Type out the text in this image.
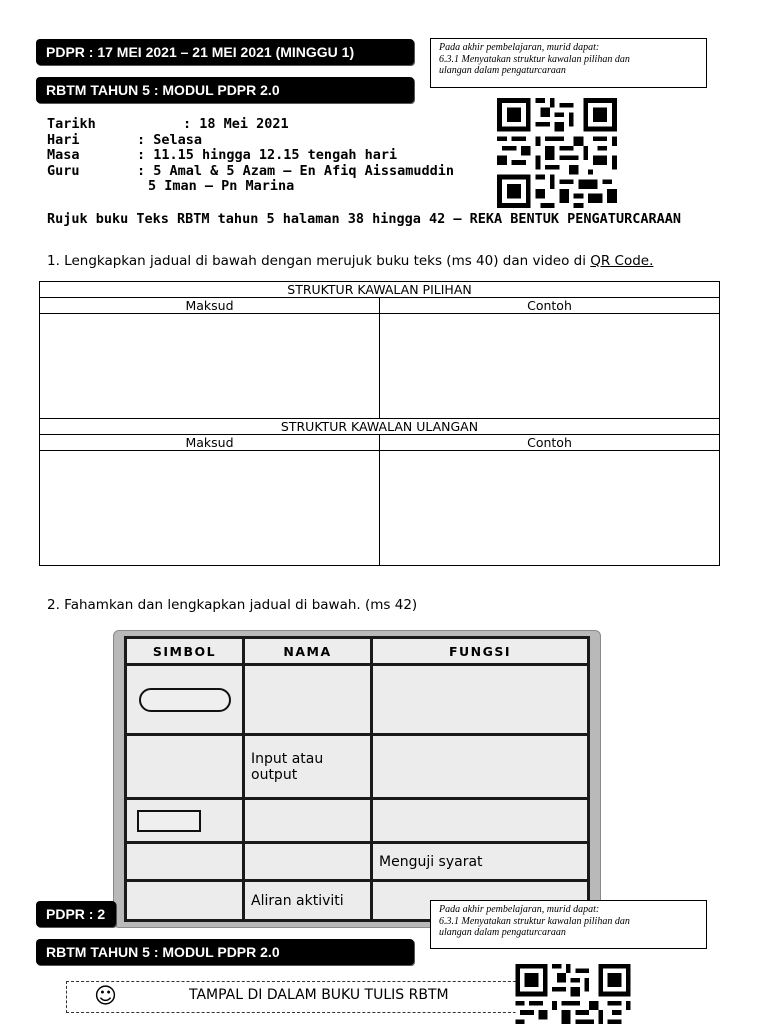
PDPR : 17 MEI 2021 – 21 MEI 2021 (MINGGU 1)
RBTM TAHUN 5 : MODUL PDPR 2.0
Pada akhir pembelajaran, murid dapat:
6.3.1 Menyatakan struktur kawalan pilihan dan
ulangan dalam pengaturcaraan
Tarikh	: 18 Mei 2021
Hari	: Selasa
Masa	: 11.15 hingga 12.15 tengah hari
Guru	: 5 Amal & 5 Azam – En Afiq Aissamuddin
5 Iman – Pn Marina
Rujuk buku Teks RBTM tahun 5 halaman 38 hingga 42 – REKA BENTUK PENGATURCARAAN
1. Lengkapkan jadual di bawah dengan merujuk buku teks (ms 40) dan video di QR Code.
STRUKTUR KAWALAN PILIHAN	
Maksud	Contoh

STRUKTUR KAWALAN ULANGAN	
Maksud	Contoh

2. Fahamkan dan lengkapkan jadual di bawah. (ms 42)
SIMBOL	NAMA	FUNGSI

	Input atau output	

		Menguji syarat

	Aliran aktiviti	

PDPR : 2	Pada akhir pembelajaran, murid dapat:
6.3.1 Menyatakan struktur kawalan pilihan dan
ulangan dalam pengaturcaraan
RBTM TAHUN 5 : MODUL PDPR 2.0
☺	TAMPAL DI DALAM BUKU TULIS RBTM
